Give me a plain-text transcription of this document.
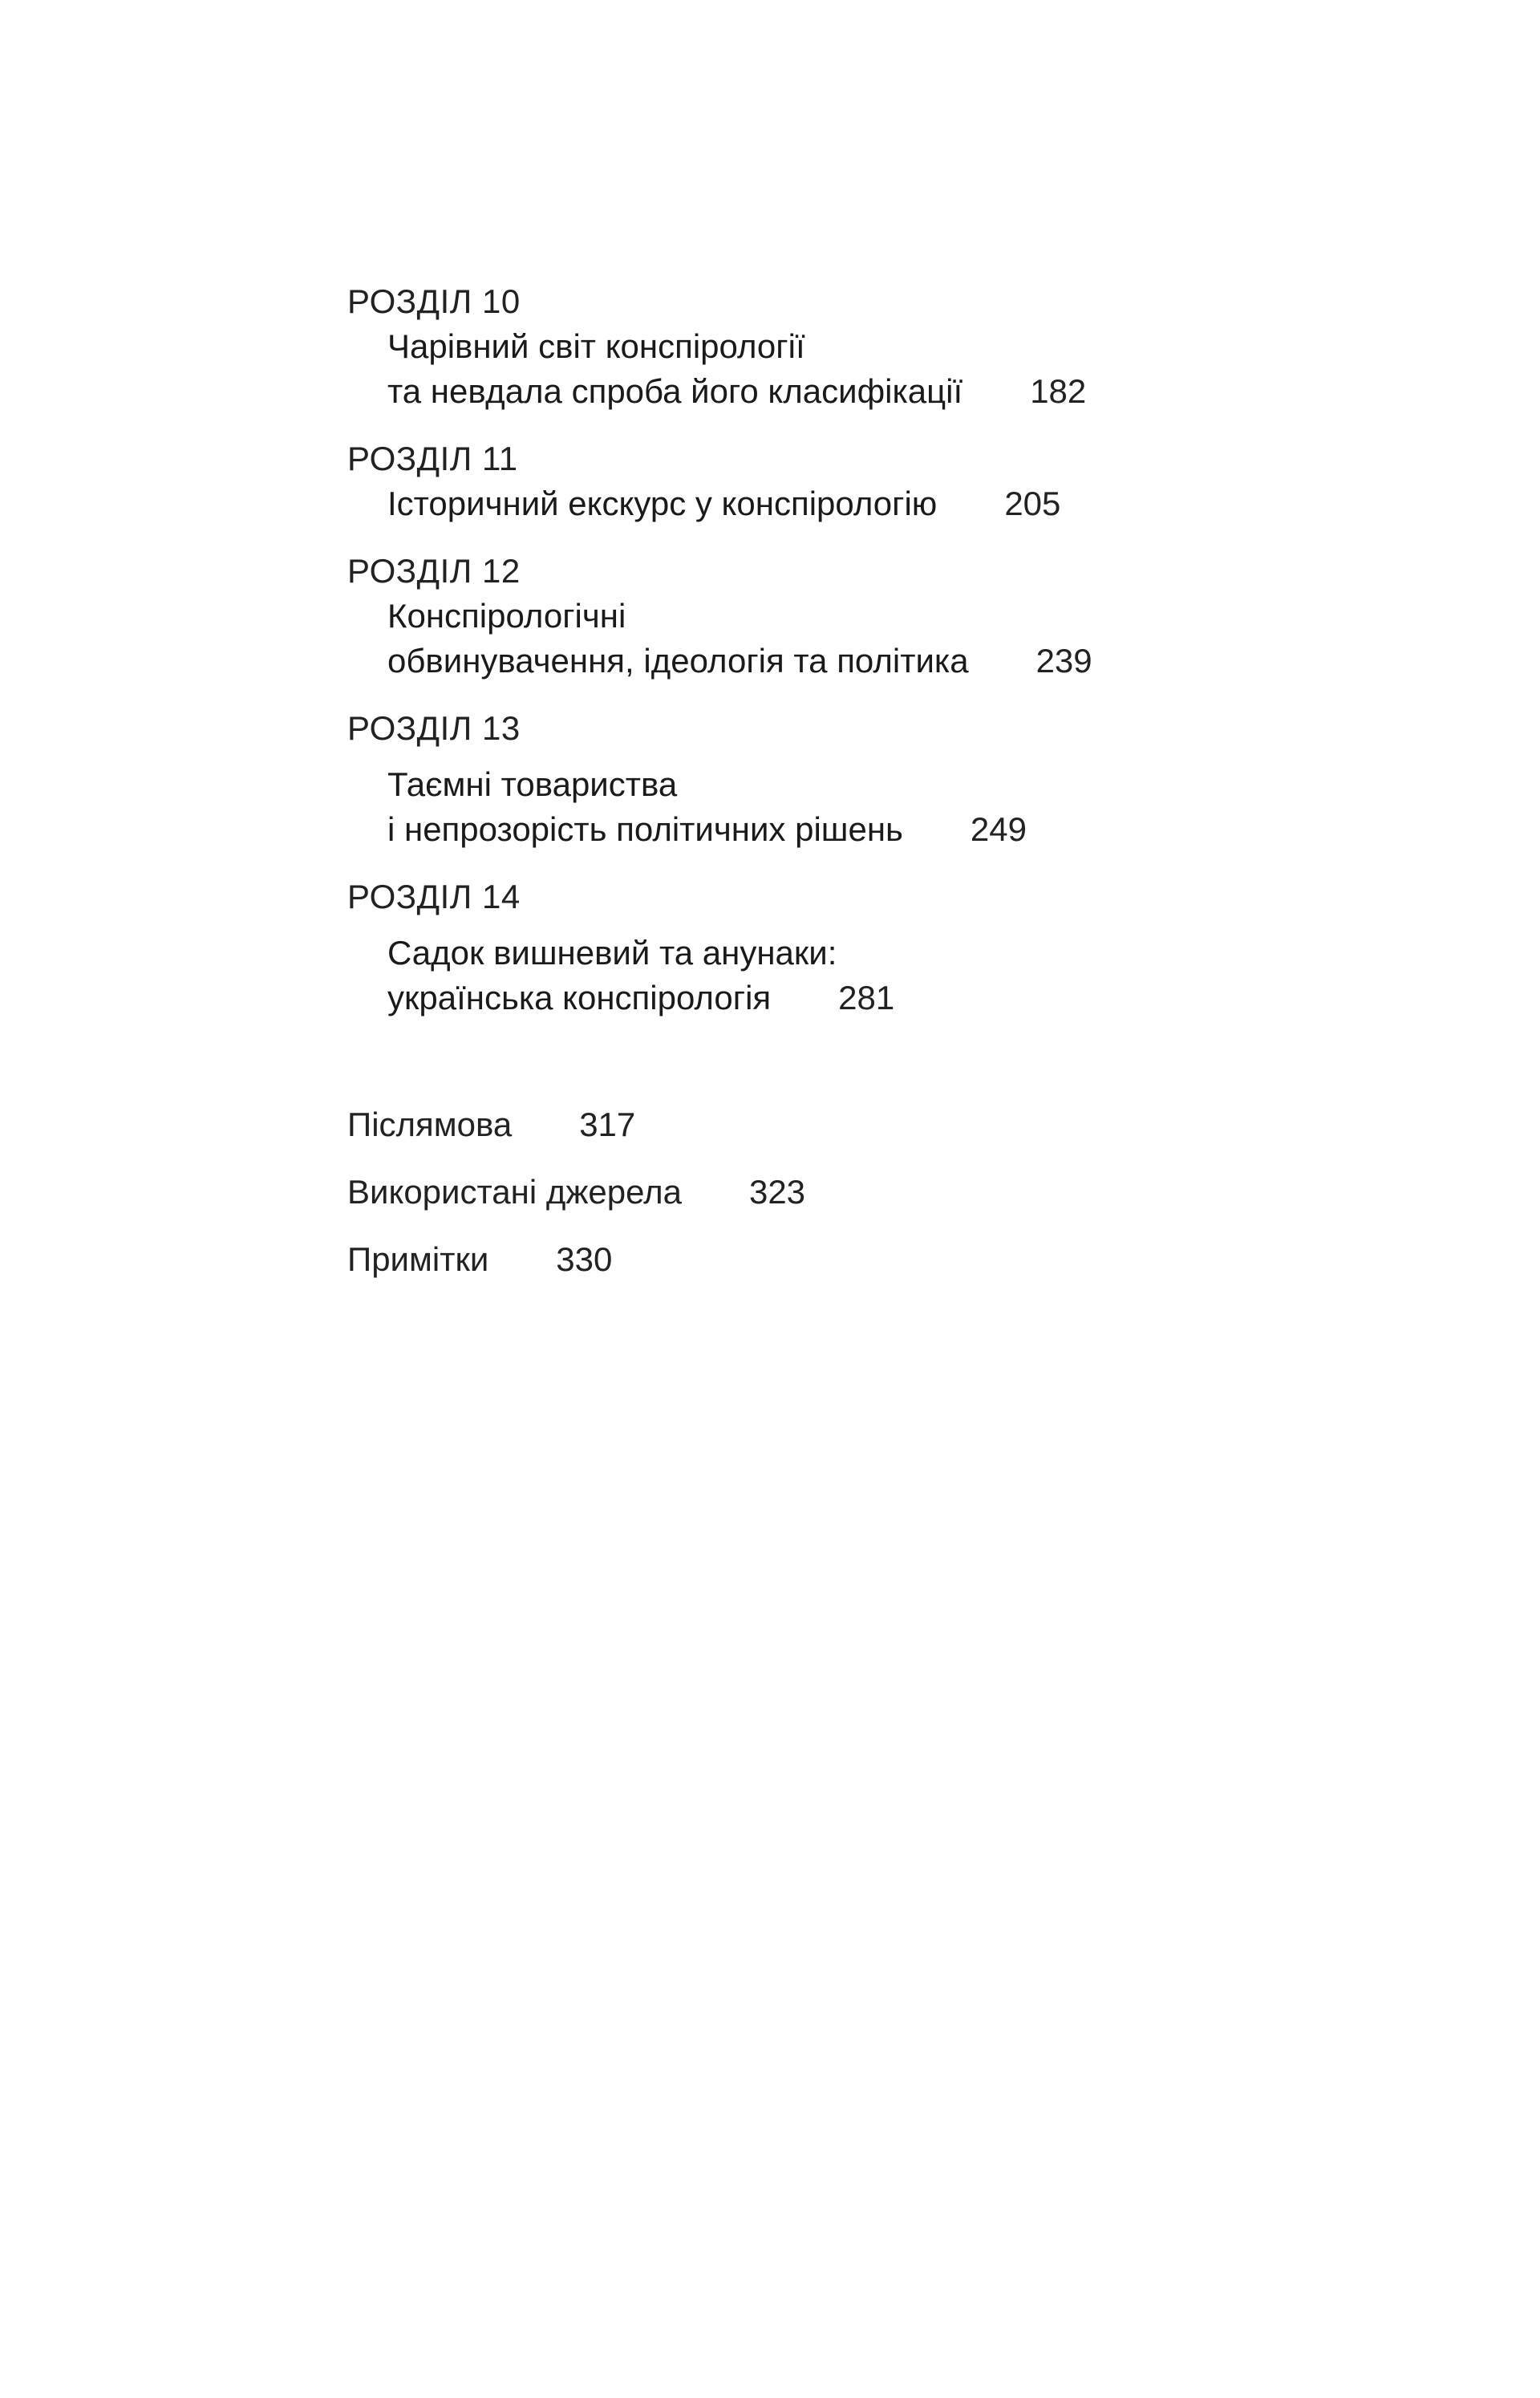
РОЗДІЛ 10
Чарівний світ конспірології
та невдала спроба його класифікації 182
РОЗДІЛ 11
Історичний екскурс у конспірологію 205
РОЗДІЛ 12
Конспірологічні
обвинувачення, ідеологія та політика 239
РОЗДІЛ 13
Таємні товариства
і непрозорість політичних рішень 249
РОЗДІЛ 14
Садок вишневий та анунаки:
українська конспірологія 281
Післямова 317
Використані джерела 323
Примітки 330
